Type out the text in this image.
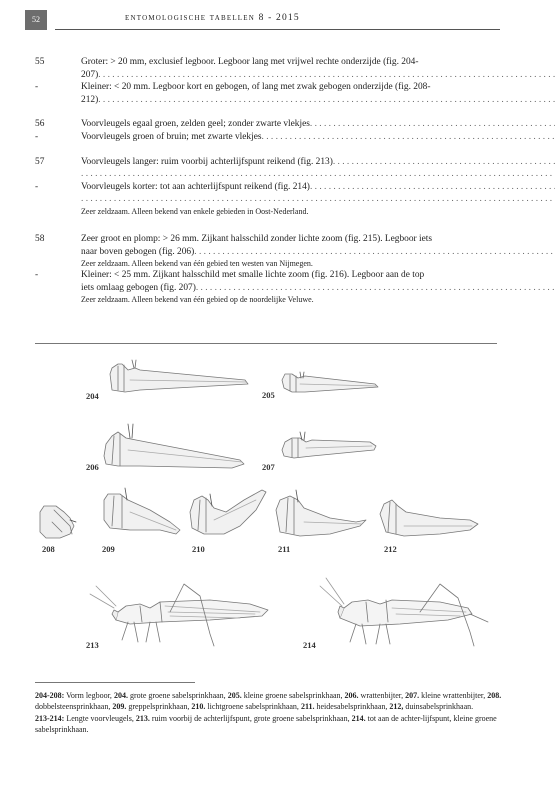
52	entomologische tabellen 8 - 2015
55	Groter: > 20 mm, exclusief legboor. Legboor lang met vrijwel rechte onderzijde (fig. 204-
207)
. . .
-	Kleiner: < 20 mm. Legboor kort en gebogen, of lang met zwak gebogen onderzijde (fig. 208-
212)
. . .
56	Voorvleugels egaal groen, zelden geel; zonder zwarte vlekjes
. . .
-	Voorvleugels groen of bruin; met zwarte vlekjes
. . .
57	Voorvleugels langer: ruim voorbij achterlijfspunt reikend (fig. 213)
. . .
. . .
-	Voorvleugels korter: tot aan achterlijfspunt reikend (fig. 214)
. . .
. . .
Zeer zeldzaam. Alleen bekend van enkele gebieden in Oost-Nederland.
58	Zeer groot en plomp: > 26 mm. Zijkant halsschild zonder lichte zoom (fig. 215). Legboor iets
naar boven gebogen (fig. 206)
. . .
Zeer zeldzaam. Alleen bekend van één gebied ten westen van Nijmegen.
-	Kleiner: < 25 mm. Zijkant halsschild met smalle lichte zoom (fig. 216). Legboor aan de top
iets omlaag gebogen (fig. 207)
. . .
Zeer zeldzaam. Alleen bekend van één gebied op de noordelijke Veluwe.
204	205
206	207
208	209	210	211	212
213	214
204-208: Vorm legboor, 204. grote groene sabelsprinkhaan, 205. kleine groene sabelsprinkhaan, 206. wrattenbijter, 207. kleine wrattenbijter, 208. dobbelsteensprinkhaan, 209. greppelsprinkhaan, 210. lichtgroene sabelsprinkhaan, 211. heidesabelsprinkhaan, 212, duinsabelsprinkhaan.
213-214: Lengte voorvleugels, 213. ruim voorbij de achterlijfspunt, grote groene sabelsprinkhaan, 214. tot aan de achter-lijfspunt, kleine groene sabelsprinkhaan.
